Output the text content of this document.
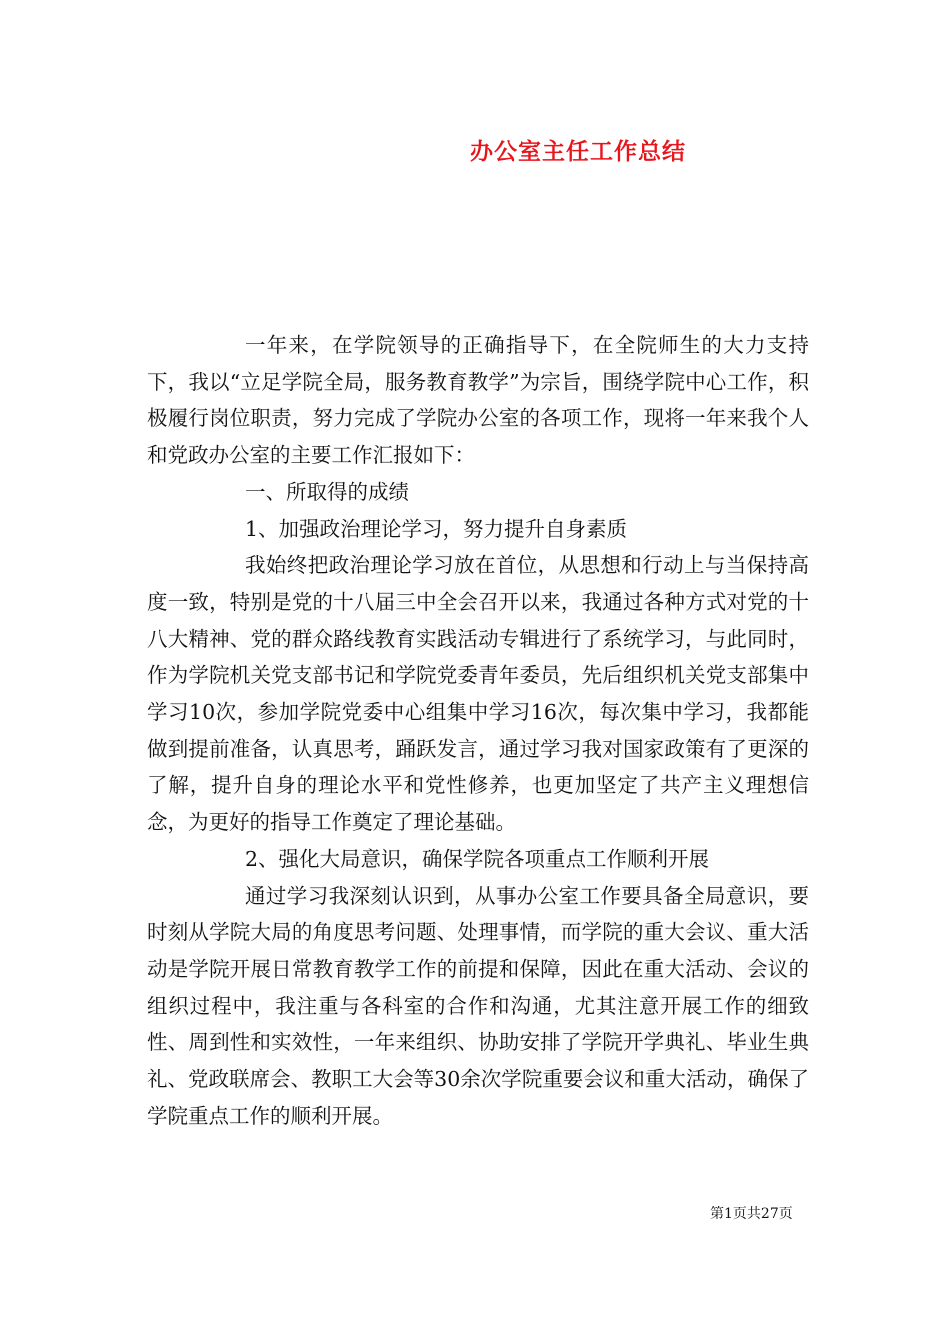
办公室主任工作总结

一年来，在学院领导的正确指导下，在全院师生的大力支持下，我以“立足学院全局，服务教育教学”为宗旨，围绕学院中心工作，积极履行岗位职责，努力完成了学院办公室的各项工作，现将一年来我个人和党政办公室的主要工作汇报如下：

一、所取得的成绩

1、加强政治理论学习，努力提升自身素质

我始终把政治理论学习放在首位，从思想和行动上与当保持高度一致，特别是党的十八届三中全会召开以来，我通过各种方式对党的十八大精神、党的群众路线教育实践活动专辑进行了系统学习，与此同时，作为学院机关党支部书记和学院党委青年委员，先后组织机关党支部集中学习10次，参加学院党委中心组集中学习16次，每次集中学习，我都能做到提前准备，认真思考，踊跃发言，通过学习我对国家政策有了更深的了解，提升自身的理论水平和党性修养，也更加坚定了共产主义理想信念，为更好的指导工作奠定了理论基础。

2、强化大局意识，确保学院各项重点工作顺利开展

通过学习我深刻认识到，从事办公室工作要具备全局意识，要时刻从学院大局的角度思考问题、处理事情，而学院的重大会议、重大活动是学院开展日常教育教学工作的前提和保障，因此在重大活动、会议的组织过程中，我注重与各科室的合作和沟通，尤其注意开展工作的细致性、周到性和实效性，一年来组织、协助安排了学院开学典礼、毕业生典礼、党政联席会、教职工大会等30余次学院重要会议和重大活动，确保了学院重点工作的顺利开展。

第1页共27页
